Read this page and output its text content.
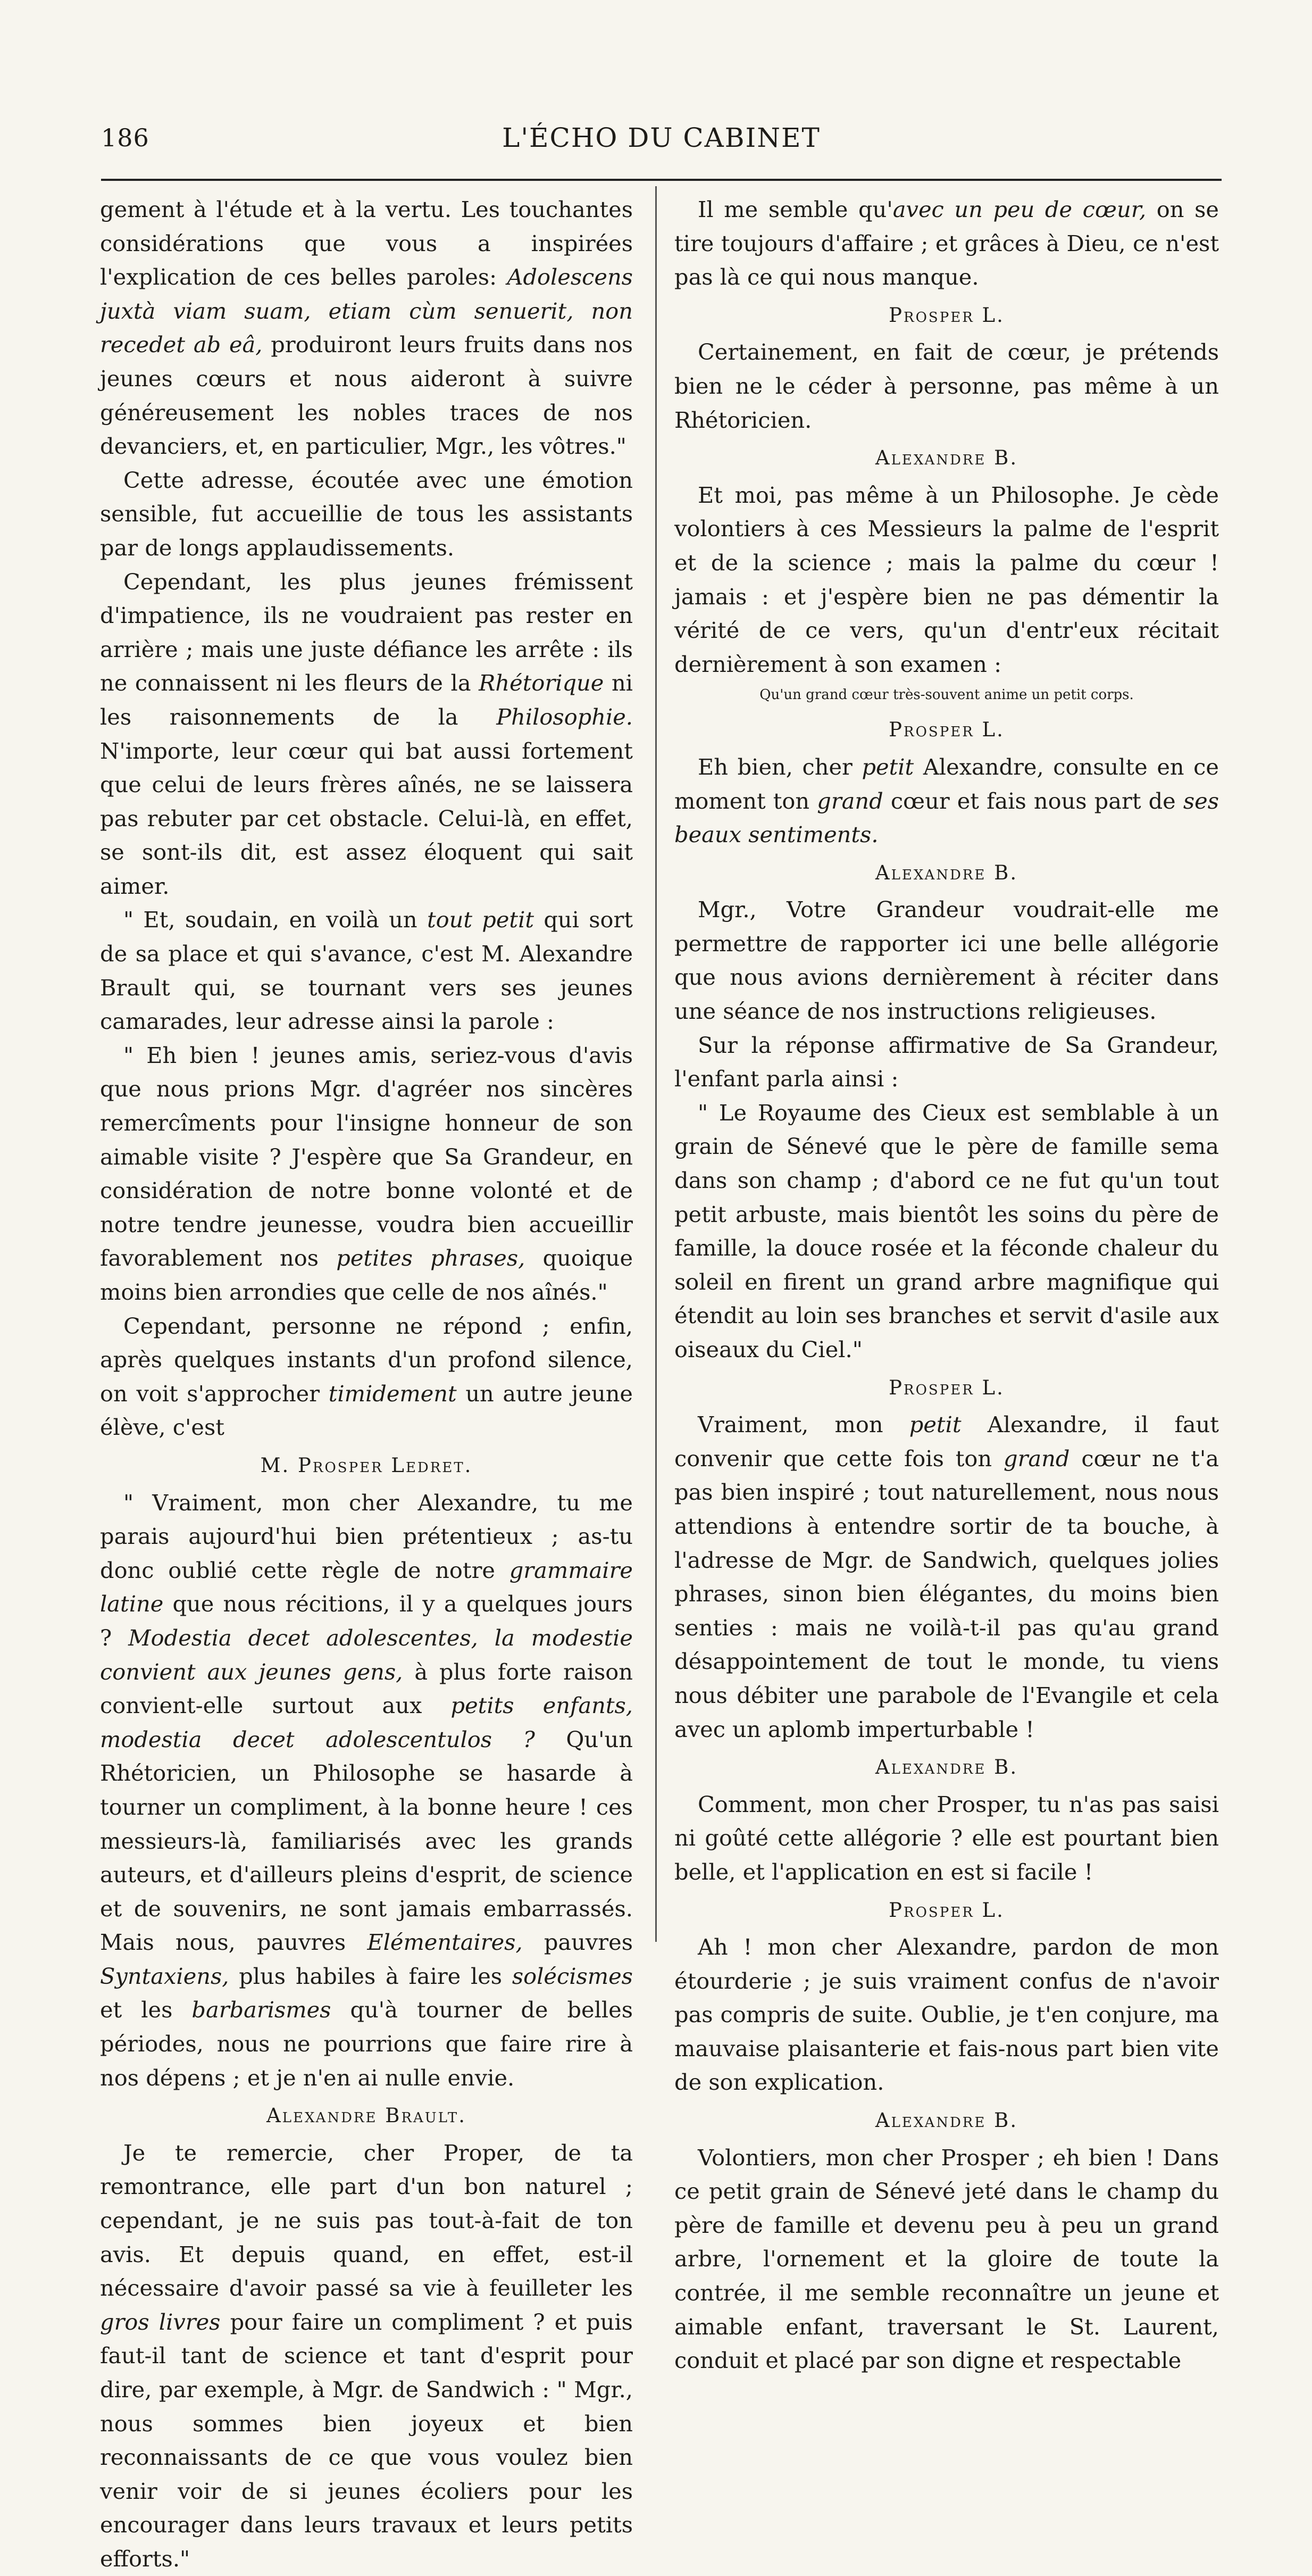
186	L'ÉCHO DU CABINET

gement à l'étude et à la vertu. Les touchantes considérations que vous a inspirées l'explication de ces belles paroles: Adolescens juxtà viam suam, etiam cùm senuerit, non recedet ab eâ, produiront leurs fruits dans nos jeunes cœurs et nous aideront à suivre généreusement les nobles traces de nos devanciers, et, en particulier, Mgr., les vôtres."

Cette adresse, écoutée avec une émotion sensible, fut accueillie de tous les assistants par de longs applaudissements.

Cependant, les plus jeunes frémissent d'impatience, ils ne voudraient pas rester en arrière ; mais une juste défiance les arrête : ils ne connaissent ni les fleurs de la Rhétorique ni les raisonnements de la Philosophie. N'importe, leur cœur qui bat aussi fortement que celui de leurs frères aînés, ne se laissera pas rebuter par cet obstacle. Celui-là, en effet, se sont-ils dit, est assez éloquent qui sait aimer.

" Et, soudain, en voilà un tout petit qui sort de sa place et qui s'avance, c'est M. Alexandre Brault qui, se tournant vers ses jeunes camarades, leur adresse ainsi la parole :

" Eh bien ! jeunes amis, seriez-vous d'avis que nous prions Mgr. d'agréer nos sincères remercîments pour l'insigne honneur de son aimable visite ? J'espère que Sa Grandeur, en considération de notre bonne volonté et de notre tendre jeunesse, voudra bien accueillir favorablement nos petites phrases, quoique moins bien arrondies que celle de nos aînés."

Cependant, personne ne répond ; enfin, après quelques instants d'un profond silence, on voit s'approcher timidement un autre jeune élève, c'est

M. Prosper Ledret.

" Vraiment, mon cher Alexandre, tu me parais aujourd'hui bien prétentieux ; as-tu donc oublié cette règle de notre grammaire latine que nous récitions, il y a quelques jours ? Modestia decet adolescentes, la modestie convient aux jeunes gens, à plus forte raison convient-elle surtout aux petits enfants, modestia decet adolescentulos ? Qu'un Rhétoricien, un Philosophe se hasarde à tourner un compliment, à la bonne heure ! ces messieurs-là, familiarisés avec les grands auteurs, et d'ailleurs pleins d'esprit, de science et de souvenirs, ne sont jamais embarrassés. Mais nous, pauvres Elémentaires, pauvres Syntaxiens, plus habiles à faire les solécismes et les barbarismes qu'à tourner de belles périodes, nous ne pourrions que faire rire à nos dépens ; et je n'en ai nulle envie.

Alexandre Brault.

Je te remercie, cher Proper, de ta remontrance, elle part d'un bon naturel ; cependant, je ne suis pas tout-à-fait de ton avis. Et depuis quand, en effet, est-il nécessaire d'avoir passé sa vie à feuilleter les gros livres pour faire un compliment ? et puis faut-il tant de science et tant d'esprit pour dire, par exemple, à Mgr. de Sandwich : " Mgr., nous sommes bien joyeux et bien reconnaissants de ce que vous voulez bien venir voir de si jeunes écoliers pour les encourager dans leurs travaux et leurs petits efforts."

Il me semble qu'avec un peu de cœur, on se tire toujours d'affaire ; et grâces à Dieu, ce n'est pas là ce qui nous manque.

Prosper L.

Certainement, en fait de cœur, je prétends bien ne le céder à personne, pas même à un Rhétoricien.

Alexandre B.

Et moi, pas même à un Philosophe. Je cède volontiers à ces Messieurs la palme de l'esprit et de la science ; mais la palme du cœur ! jamais : et j'espère bien ne pas démentir la vérité de ce vers, qu'un d'entr'eux récitait dernièrement à son examen :

Qu'un grand cœur très-souvent anime un petit corps.

Prosper L.

Eh bien, cher petit Alexandre, consulte en ce moment ton grand cœur et fais nous part de ses beaux sentiments.

Alexandre B.

Mgr., Votre Grandeur voudrait-elle me permettre de rapporter ici une belle allégorie que nous avions dernièrement à réciter dans une séance de nos instructions religieuses.

Sur la réponse affirmative de Sa Grandeur, l'enfant parla ainsi :

" Le Royaume des Cieux est semblable à un grain de Sénevé que le père de famille sema dans son champ ; d'abord ce ne fut qu'un tout petit arbuste, mais bientôt les soins du père de famille, la douce rosée et la féconde chaleur du soleil en firent un grand arbre magnifique qui étendit au loin ses branches et servit d'asile aux oiseaux du Ciel."

Prosper L.

Vraiment, mon petit Alexandre, il faut convenir que cette fois ton grand cœur ne t'a pas bien inspiré ; tout naturellement, nous nous attendions à entendre sortir de ta bouche, à l'adresse de Mgr. de Sandwich, quelques jolies phrases, sinon bien élégantes, du moins bien senties : mais ne voilà-t-il pas qu'au grand désappointement de tout le monde, tu viens nous débiter une parabole de l'Evangile et cela avec un aplomb imperturbable !

Alexandre B.

Comment, mon cher Prosper, tu n'as pas saisi ni goûté cette allégorie ? elle est pourtant bien belle, et l'application en est si facile !

Prosper L.

Ah ! mon cher Alexandre, pardon de mon étourderie ; je suis vraiment confus de n'avoir pas compris de suite. Oublie, je t'en conjure, ma mauvaise plaisanterie et fais-nous part bien vite de son explication.

Alexandre B.

Volontiers, mon cher Prosper ; eh bien ! Dans ce petit grain de Sénevé jeté dans le champ du père de famille et devenu peu à peu un grand arbre, l'ornement et la gloire de toute la contrée, il me semble reconnaître un jeune et aimable enfant, traversant le St. Laurent, conduit et placé par son digne et respectable
